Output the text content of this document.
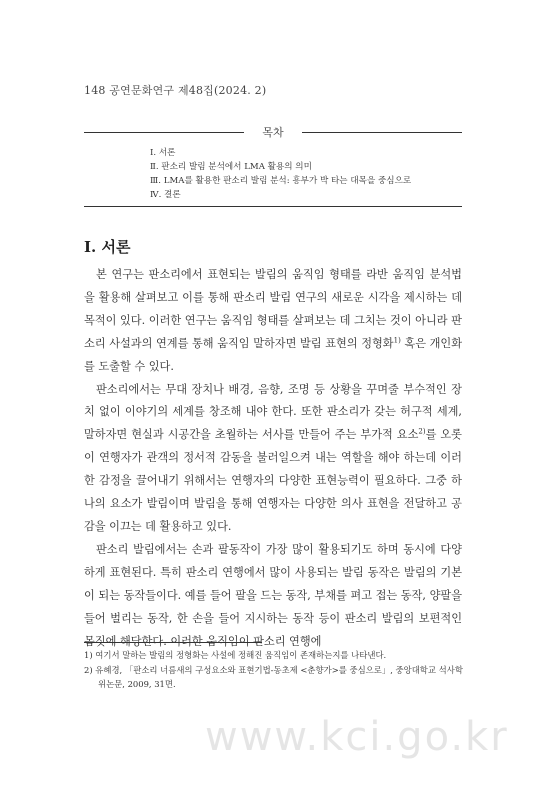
148 공연문화연구 제48집(2024. 2)
목차
Ⅰ. 서론
Ⅱ. 판소리 발림 분석에서 LMA 활용의 의미
Ⅲ. LMA를 활용한 판소리 발림 분석: 흥부가 박 타는 대목을 중심으로
Ⅳ. 결론
Ⅰ. 서론

본 연구는 판소리에서 표현되는 발림의 움직임 형태를 라반 움직임 분석법을 활용해 살펴보고 이를 통해 판소리 발림 연구의 새로운 시각을 제시하는 데 목적이 있다. 이러한 연구는 움직임 형태를 살펴보는 데 그치는 것이 아니라 판소리 사설과의 연계를 통해 움직임 말하자면 발림 표현의 정형화$^{1)}$ 혹은 개인화를 도출할 수 있다.

판소리에서는 무대 장치나 배경, 음향, 조명 등 상황을 꾸며줄 부수적인 장치 없이 이야기의 세계를 창조해 내야 한다. 또한 판소리가 갖는 허구적 세계, 말하자면 현실과 시공간을 초월하는 서사를 만들어 주는 부가적 요소$^{2)}$를 오롯이 연행자가 관객의 정서적 감동을 불러일으켜 내는 역할을 해야 하는데 이러한 감정을 끌어내기 위해서는 연행자의 다양한 표현능력이 필요하다. 그중 하나의 요소가 발림이며 발림을 통해 연행자는 다양한 의사 표현을 전달하고 공감을 이끄는 데 활용하고 있다.

판소리 발림에서는 손과 팔동작이 가장 많이 활용되기도 하며 동시에 다양하게 표현된다. 특히 판소리 연행에서 많이 사용되는 발림 동작은 발림의 기본이 되는 동작들이다. 예를 들어 팔을 드는 동작, 부채를 펴고 접는 동작, 양팔을 들어 벌리는 동작, 한 손을 들어 지시하는 동작 등이 판소리 발림의 보편적인 몸짓에 해당한다. 이러한 움직임이 판소리 연행에

1) 여기서 말하는 발림의 정형화는 사설에 정해진 움직임이 존재하는지를 나타낸다.
2) 유혜경, 「판소리 너름새의 구성요소와 표현기법-동초제 <춘향가>를 중심으로」, 중앙대학교 석사학위논문, 2009, 31면.
www.kci.go.kr
